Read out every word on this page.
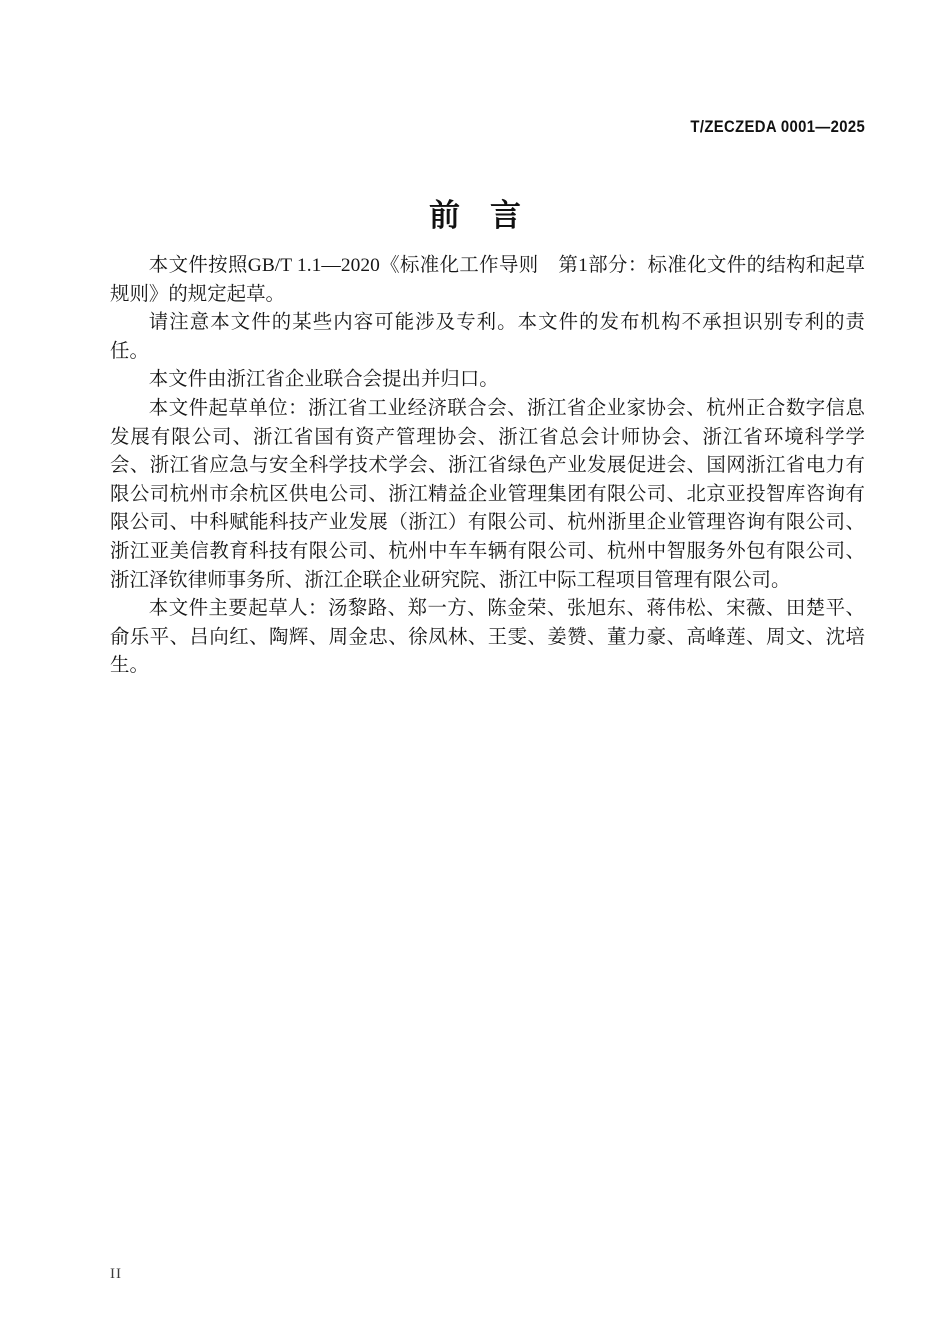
T/ZECZEDA 0001—2025
前言

本文件按照GB/T 1.1—2020《标准化工作导则　第1部分：标准化文件的结构和起草规则》的规定起草。

请注意本文件的某些内容可能涉及专利。本文件的发布机构不承担识别专利的责任。

本文件由浙江省企业联合会提出并归口。

本文件起草单位：浙江省工业经济联合会、浙江省企业家协会、杭州正合数字信息发展有限公司、浙江省国有资产管理协会、浙江省总会计师协会、浙江省环境科学学会、浙江省应急与安全科学技术学会、浙江省绿色产业发展促进会、国网浙江省电力有限公司杭州市余杭区供电公司、浙江精益企业管理集团有限公司、北京亚投智库咨询有限公司、中科赋能科技产业发展（浙江）有限公司、杭州浙里企业管理咨询有限公司、浙江亚美信教育科技有限公司、杭州中车车辆有限公司、杭州中智服务外包有限公司、浙江泽钦律师事务所、浙江企联企业研究院、浙江中际工程项目管理有限公司。

本文件主要起草人：汤黎路、郑一方、陈金荣、张旭东、蒋伟松、宋薇、田楚平、俞乐平、吕向红、陶辉、周金忠、徐凤林、王雯、姜赞、董力豪、高峰莲、周文、沈培生。

II
